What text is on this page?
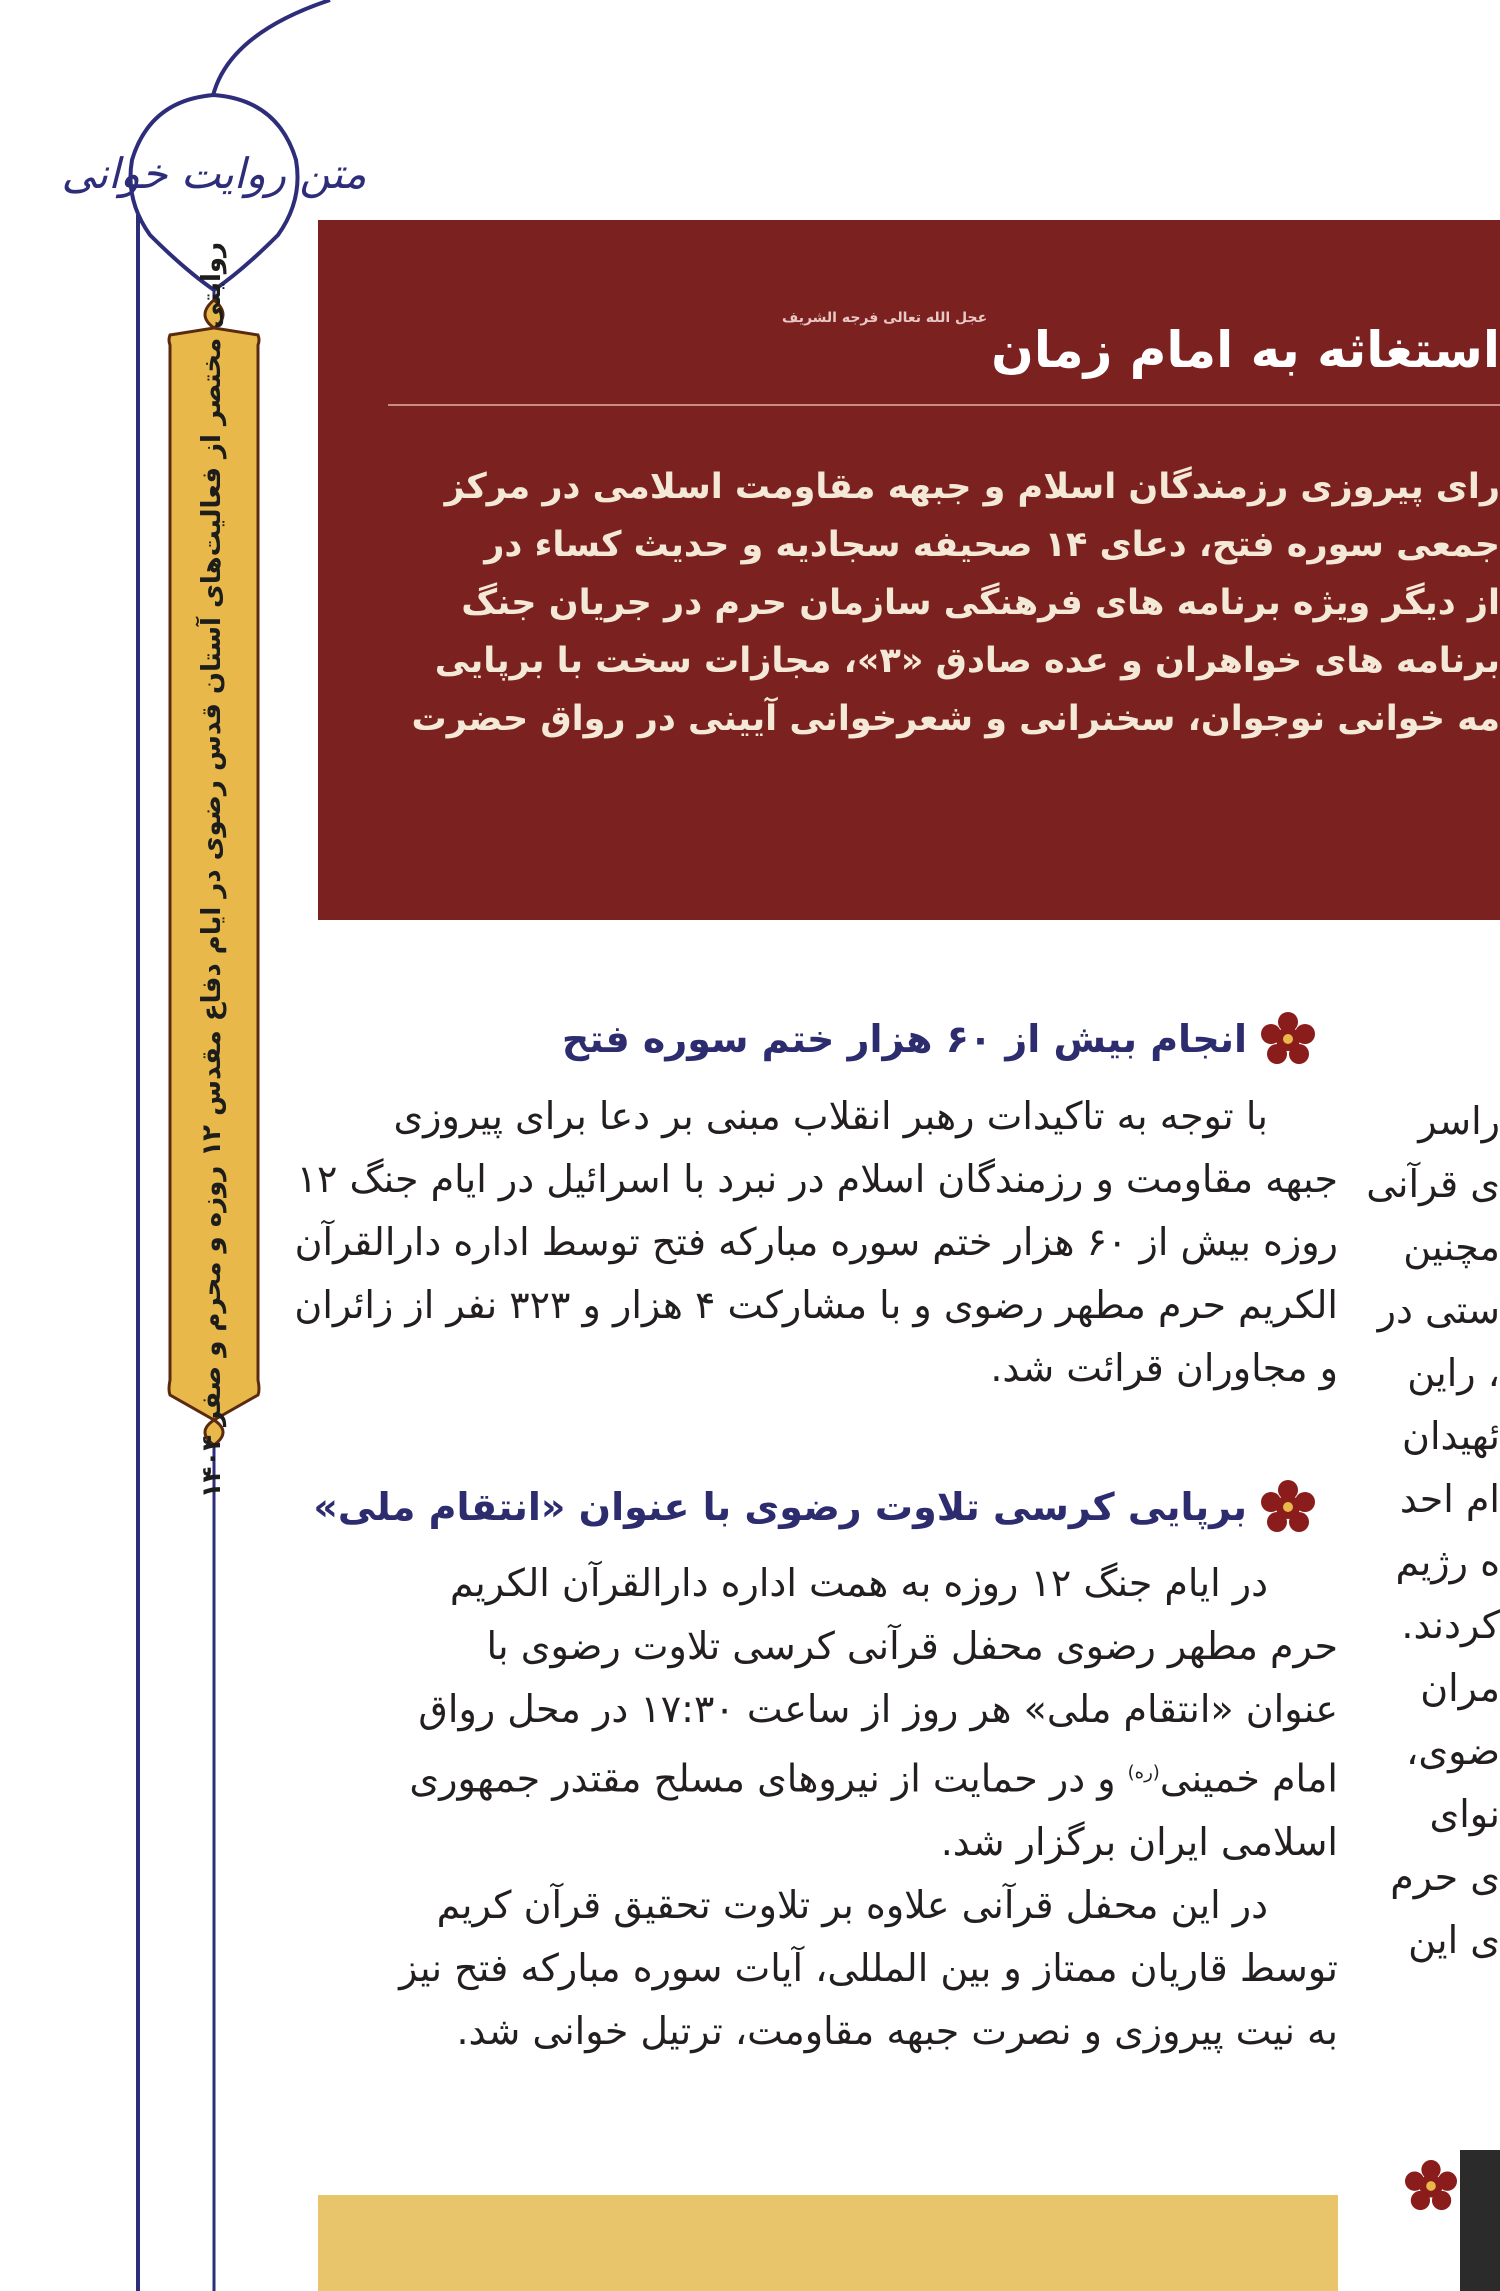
متن روایت خوانی
روایتی مختصر از فعالیت‌های آستان قدس رضوی در ایام دفاع مقدس ۱۲ روزه و محرم و صفر ۱۴۰۴	استغاثه به امام زمانعجل الله تعالی فرجه الشریف
رای پیروزی رزمندگان اسلام و جبهه مقاومت اسلامی در مرکز
جمعی سوره فتح، دعای ۱۴ صحیفه سجادیه و حدیث کساء در
از دیگر ویژه برنامه های فرهنگی سازمان حرم در جریان جنگ
برنامه های خواهران و عده صادق «۳»، مجازات سخت با برپایی
مه خوانی نوجوان، سخنرانی و شعرخوانی آیینی در رواق حضرت
انجام بیش از ۶۰ هزار ختم سوره فتح
با توجه به تاکیدات رهبر انقلاب مبنی بر دعا برای پیروزی
جبهه مقاومت و رزمندگان اسلام در نبرد با اسرائیل در ایام جنگ ۱۲
روزه بیش از ۶۰ هزار ختم سوره مبارکه فتح توسط اداره دارالقرآن
الکریم حرم مطهر رضوی و با مشارکت ۴ هزار و ۳۲۳ نفر از زائران
و مجاوران قرائت شد.
برپایی کرسی تلاوت رضوی با عنوان «انتقام ملی»
در ایام جنگ ۱۲ روزه به همت اداره دارالقرآن الکریم
حرم مطهر رضوی محفل قرآنی کرسی تلاوت رضوی با
عنوان «انتقام ملی» هر روز از ساعت ۱۷:۳۰ در محل رواق
امام خمینی$^{(ره)}$ و در حمایت از نیروهای مسلح مقتدر جمهوری
اسلامی ایران برگزار شد.
در این محفل قرآنی علاوه بر تلاوت تحقیق قرآن کریم
توسط قاریان ممتاز و بین المللی، آیات سوره مبارکه فتح نیز
به نیت پیروزی و نصرت جبهه مقاومت، ترتیل خوانی شد.
راسر
ی قرآنی
مچنین
ستی در
، راین
ئهیدان
ام احد
ه رژیم
کردند.
مران
ضوی،
نوای
ی حرم
ی این
